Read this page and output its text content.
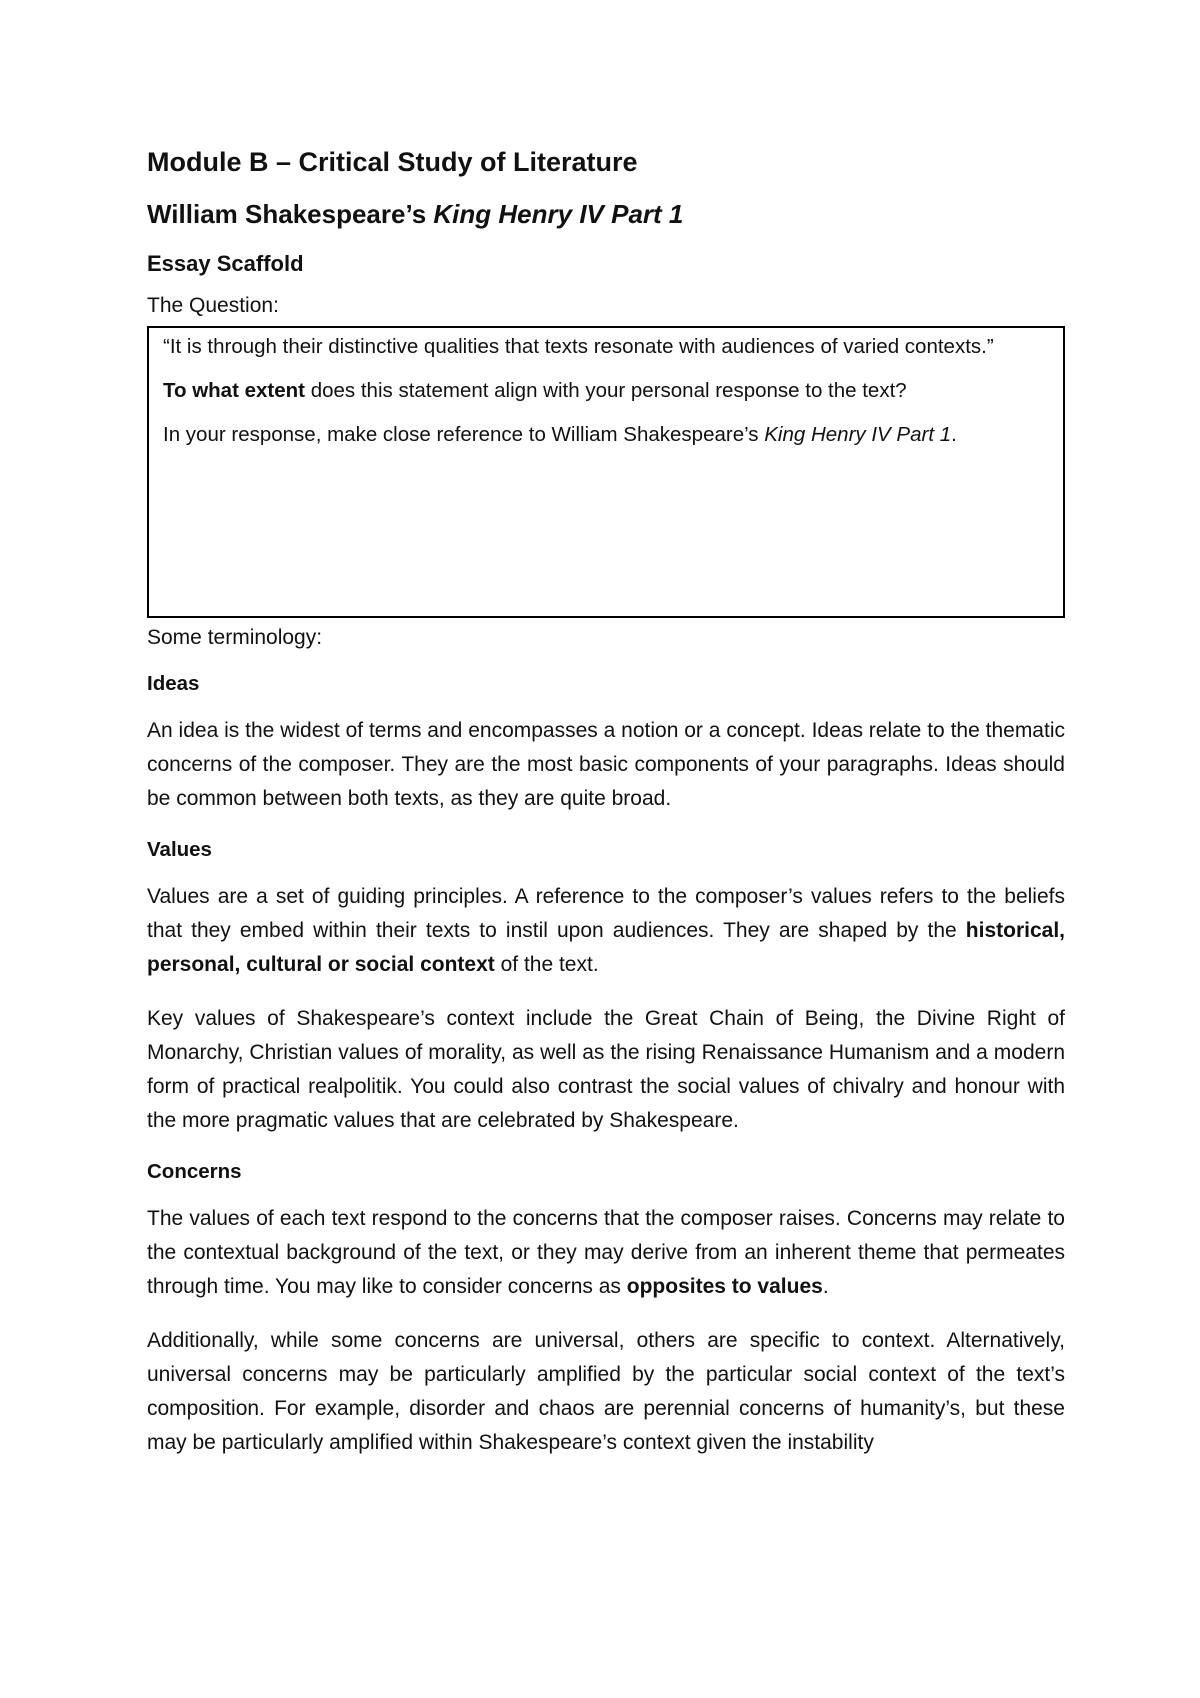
Module B – Critical Study of Literature
William Shakespeare’s King Henry IV Part 1
Essay Scaffold

The Question:

“It is through their distinctive qualities that texts resonate with audiences of varied contexts.”

To what extent does this statement align with your personal response to the text?

In your response, make close reference to William Shakespeare’s King Henry IV Part 1.

Some terminology:

Ideas

An idea is the widest of terms and encompasses a notion or a concept. Ideas relate to the thematic concerns of the composer. They are the most basic components of your paragraphs. Ideas should be common between both texts, as they are quite broad.

Values

Values are a set of guiding principles. A reference to the composer’s values refers to the beliefs that they embed within their texts to instil upon audiences. They are shaped by the historical, personal, cultural or social context of the text.

Key values of Shakespeare’s context include the Great Chain of Being, the Divine Right of Monarchy, Christian values of morality, as well as the rising Renaissance Humanism and a modern form of practical realpolitik. You could also contrast the social values of chivalry and honour with the more pragmatic values that are celebrated by Shakespeare.

Concerns

The values of each text respond to the concerns that the composer raises. Concerns may relate to the contextual background of the text, or they may derive from an inherent theme that permeates through time. You may like to consider concerns as opposites to values.

Additionally, while some concerns are universal, others are specific to context. Alternatively, universal concerns may be particularly amplified by the particular social context of the text’s composition. For example, disorder and chaos are perennial concerns of humanity’s, but these may be particularly amplified within Shakespeare’s context given the instability
